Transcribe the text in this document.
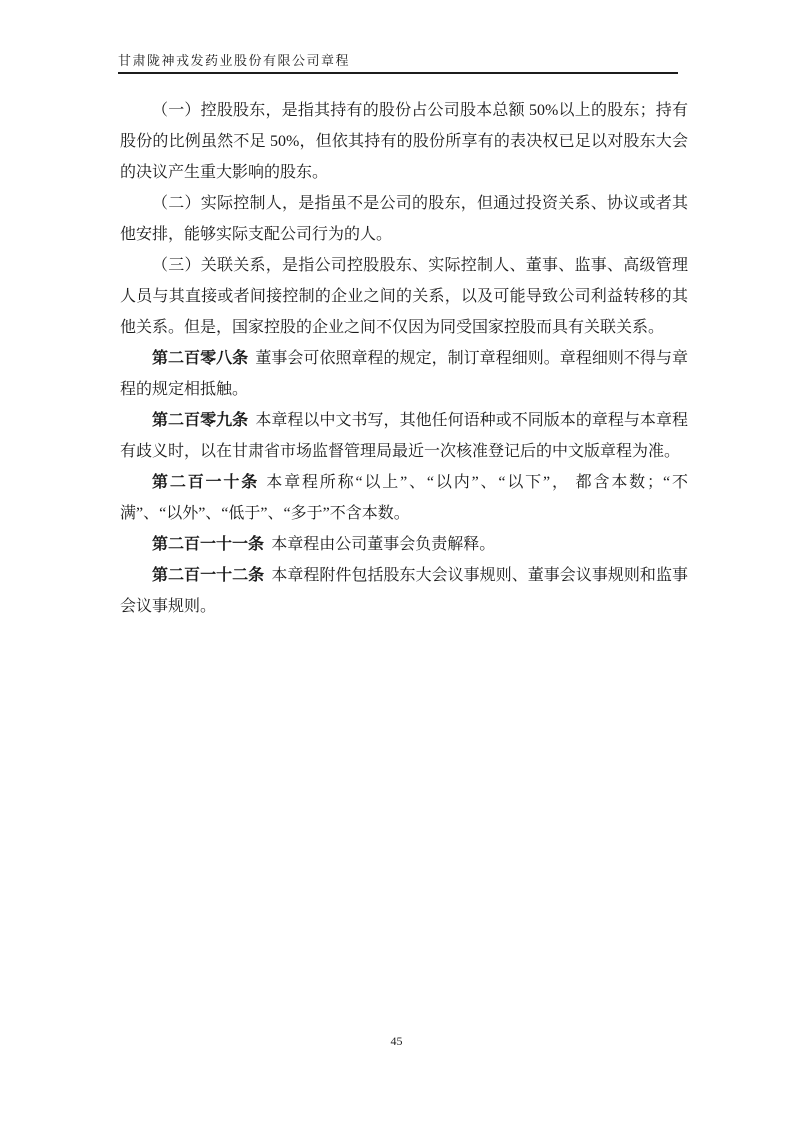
甘肃陇神戎发药业股份有限公司章程

（一）控股股东，是指其持有的股份占公司股本总额 50%以上的股东；持有股份的比例虽然不足 50%，但依其持有的股份所享有的表决权已足以对股东大会的决议产生重大影响的股东。

（二）实际控制人，是指虽不是公司的股东，但通过投资关系、协议或者其他安排，能够实际支配公司行为的人。

（三）关联关系，是指公司控股股东、实际控制人、董事、监事、高级管理人员与其直接或者间接控制的企业之间的关系，以及可能导致公司利益转移的其他关系。但是，国家控股的企业之间不仅因为同受国家控股而具有关联关系。

第二百零八条 董事会可依照章程的规定，制订章程细则。章程细则不得与章程的规定相抵触。

第二百零九条 本章程以中文书写，其他任何语种或不同版本的章程与本章程有歧义时，以在甘肃省市场监督管理局最近一次核准登记后的中文版章程为准。

第二百一十条 本章程所称“以上”、“以内”、“以下”， 都含本数；“不满”、“以外”、“低于”、“多于”不含本数。

第二百一十一条 本章程由公司董事会负责解释。

第二百一十二条 本章程附件包括股东大会议事规则、董事会议事规则和监事会议事规则。

45
